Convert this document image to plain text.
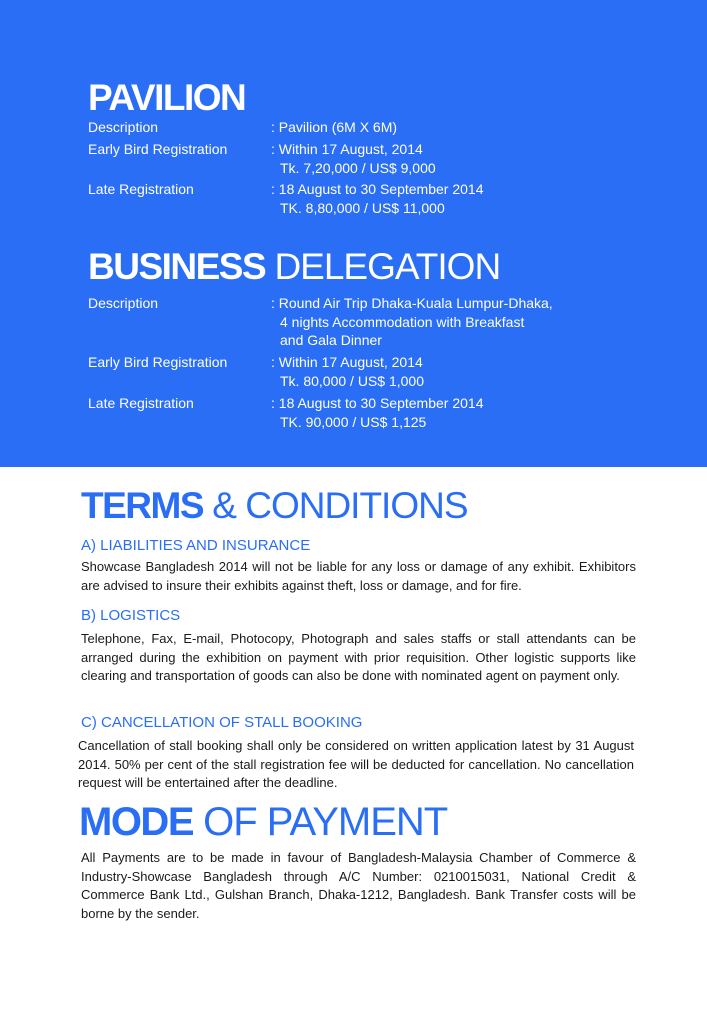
PAVILION
Description	: Pavilion (6M X 6M)
Early Bird Registration	: Within 17 August, 2014
Tk. 7,20,000 / US$ 9,000
Late Registration	: 18 August to 30 September 2014
TK. 8,80,000 / US$ 11,000
BUSINESS DELEGATION
Description	: Round Air Trip Dhaka-Kuala Lumpur-Dhaka,
4 nights Accommodation with Breakfast
and Gala Dinner
Early Bird Registration	: Within 17 August, 2014
Tk. 80,000 / US$ 1,000
Late Registration	: 18 August to 30 September 2014
TK. 90,000 / US$ 1,125
TERMS & CONDITIONS
A) LIABILITIES AND INSURANCE

Showcase Bangladesh 2014 will not be liable for any loss or damage of any exhibit. Exhibitors are advised to insure their exhibits against theft, loss or damage, and for fire.

B) LOGISTICS

Telephone, Fax, E-mail, Photocopy, Photograph and sales staffs or stall attendants can be arranged during the exhibition on payment with prior requisition. Other logistic supports like clearing and transportation of goods can also be done with nominated agent on payment only.

C) CANCELLATION OF STALL BOOKING

Cancellation of stall booking shall only be considered on written application latest by 31 August 2014. 50% per cent of the stall registration fee will be deducted for cancellation. No cancellation request will be entertained after the deadline.

MODE OF PAYMENT

All Payments are to be made in favour of Bangladesh-Malaysia Chamber of Commerce & Industry-Showcase Bangladesh through A/C Number: 0210015031, National Credit & Commerce Bank Ltd., Gulshan Branch, Dhaka-1212, Bangladesh. Bank Transfer costs will be borne by the sender.
